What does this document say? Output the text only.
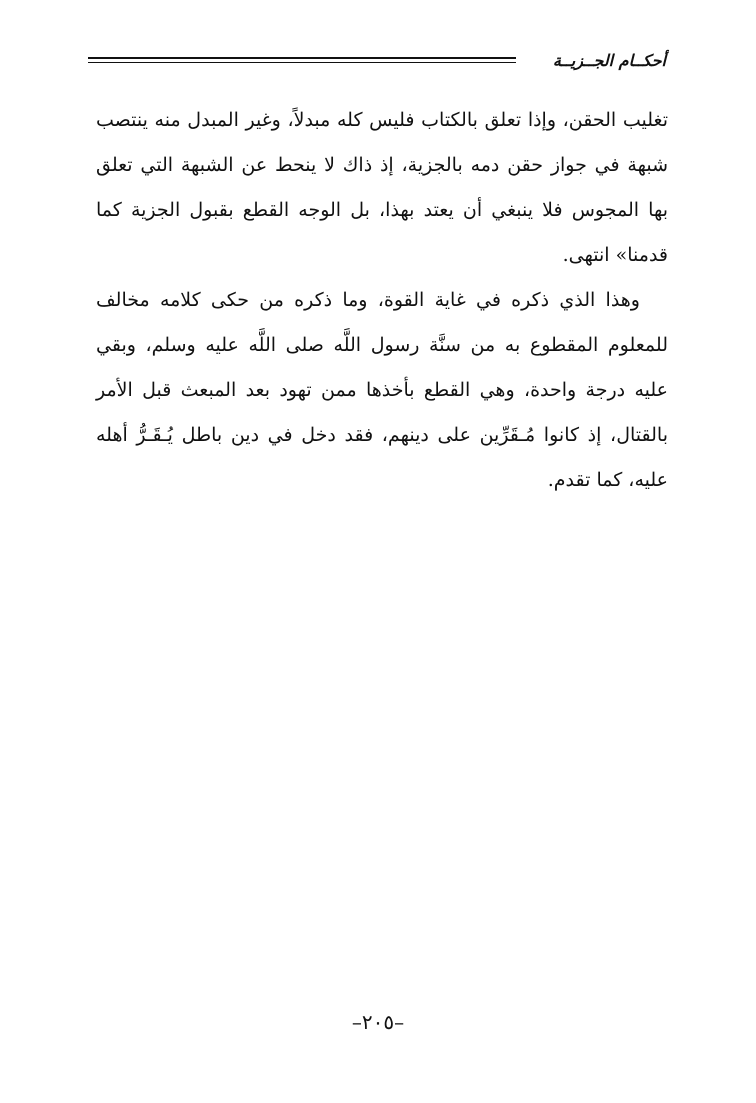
أحكــام الجــزيــة

تغليب الحقن، وإذا تعلق بالكتاب فليس كله مبدلاً، وغير المبدل منه ينتصب شبهة في جواز حقن دمه بالجزية، إذ ذاك لا ينحط عن الشبهة التي تعلق بها المجوس فلا ينبغي أن يعتد بهذا، بل الوجه القطع بقبول الجزية كما قدمنا» انتهى.

وهذا الذي ذكره في غاية القوة، وما ذكره من حكى كلامه مخالف للمعلوم المقطوع به من سنَّة رسول اللَّه صلى اللَّه عليه وسلم، وبقي عليه درجة واحدة، وهي القطع بأخذها ممن تهود بعد المبعث قبل الأمر بالقتال، إذ كانوا مُـقَرِّين على دينهم، فقد دخل في دين باطل يُـقَـرُّ أهله عليه، كما تقدم.

–٢٠٥–
